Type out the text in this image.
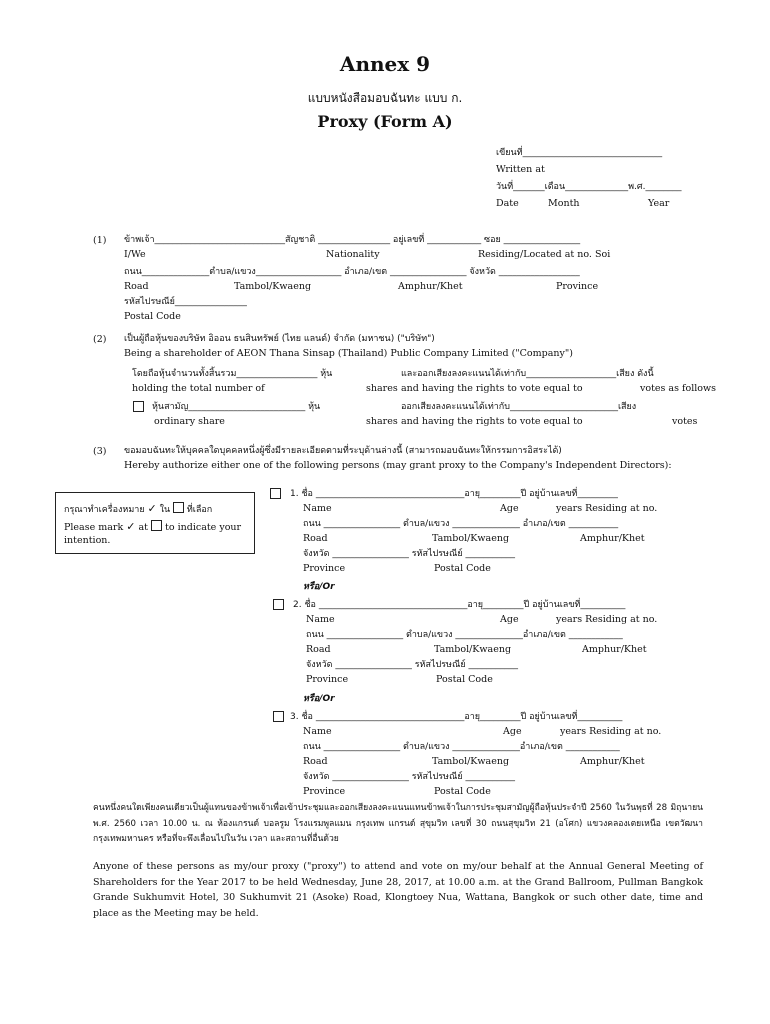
Annex 9
แบบหนังสือมอบฉันทะ แบบ ก.
Proxy (Form A)
เขียนที่_______________________________
Written at
วันที่_______เดือน______________พ.ศ.________
Date	Month	Year
(1) ข้าพเจ้า_____________________________สัญชาติ ________________ อยู่เลขที่ ____________ ซอย _________________
I/We	Nationality	Residing/Located at no. Soi
ถนน_______________ตำบล/แขวง___________________ อำเภอ/เขต _________________ จังหวัด __________________
Road	Tambol/Kwaeng	Amphur/Khet	Province
รหัสไปรษณีย์________________
Postal Code
(2) เป็นผู้ถือหุ้นของบริษัท อิออน ธนสินทรัพย์ (ไทย แลนด์) จำกัด (มหาชน) ("บริษัท")
Being a shareholder of AEON Thana Sinsap (Thailand) Public Company Limited ("Company")
โดยถือหุ้นจำนวนทั้งสิ้นรวม__________________ หุ้น	และออกเสียงลงคะแนนได้เท่ากับ____________________เสียง ดังนี้
holding the total number of	shares and having the rights to vote equal to	votes as follows
หุ้นสามัญ__________________________ หุ้น	ออกเสียงลงคะแนนได้เท่ากับ________________________เสียง
ordinary share	shares and having the rights to vote equal to	votes
(3) ขอมอบฉันทะให้บุคคลใดบุคคลหนึ่งผู้ซึ่งมีรายละเอียดตามที่ระบุด้านล่างนี้ (สามารถมอบฉันทะให้กรรมการอิสระได้)
Hereby authorize either one of the following persons (may grant proxy to the Company's Independent Directors):
กรุณาทำเครื่องหมาย ✓ ใน ที่เลือก
Please mark ✓ at to indicate your
intention.
1. ชื่อ _________________________________อายุ_________ปี อยู่บ้านเลขที่_________
Name	Age	years Residing at no.
ถนน _________________ ตำบล/แขวง _______________ อำเภอ/เขต ___________
Road	Tambol/Kwaeng	Amphur/Khet
จังหวัด _________________ รหัสไปรษณีย์ ___________
Province	Postal Code
หรือ/Or
2. ชื่อ _________________________________อายุ_________ปี อยู่บ้านเลขที่__________
Name	Age	years Residing at no.
ถนน _________________ ตำบล/แขวง _______________อำเภอ/เขต ____________
Road	Tambol/Kwaeng	Amphur/Khet
จังหวัด _________________ รหัสไปรษณีย์ ___________
Province	Postal Code
หรือ/Or
3. ชื่อ _________________________________อายุ_________ปี อยู่บ้านเลขที่__________
Name	Age	years Residing at no.
ถนน _________________ ตำบล/แขวง _______________อำเภอ/เขต ____________
Road	Tambol/Kwaeng	Amphur/Khet
จังหวัด _________________ รหัสไปรษณีย์ ___________
Province	Postal Code
คนหนึ่งคนใดเพียงคนเดียวเป็นผู้แทนของข้าพเจ้าเพื่อเข้าประชุมและออกเสียงลงคะแนนแทนข้าพเจ้าในการประชุมสามัญผู้ถือหุ้นประจำปี 2560 ในวันพุธที่ 28 มิถุนายน พ.ศ. 2560 เวลา 10.00 น. ณ ห้องแกรนด์ บอลรูม โรงแรมพูลแมน กรุงเทพ แกรนด์ สุขุมวิท เลขที่ 30 ถนนสุขุมวิท 21 (อโศก) แขวงคลองเตยเหนือ เขตวัฒนา กรุงเทพมหานคร หรือที่จะพึงเลื่อนไปในวัน เวลา และสถานที่อื่นด้วย
Anyone of these persons as my/our proxy ("proxy") to attend and vote on my/our behalf at the Annual General Meeting of Shareholders for the Year 2017 to be held Wednesday, June 28, 2017, at 10.00 a.m. at the Grand Ballroom, Pullman Bangkok Grande Sukhumvit Hotel, 30 Sukhumvit 21 (Asoke) Road, Klongtoey Nua, Wattana, Bangkok or such other date, time and place as the Meeting may be held.
